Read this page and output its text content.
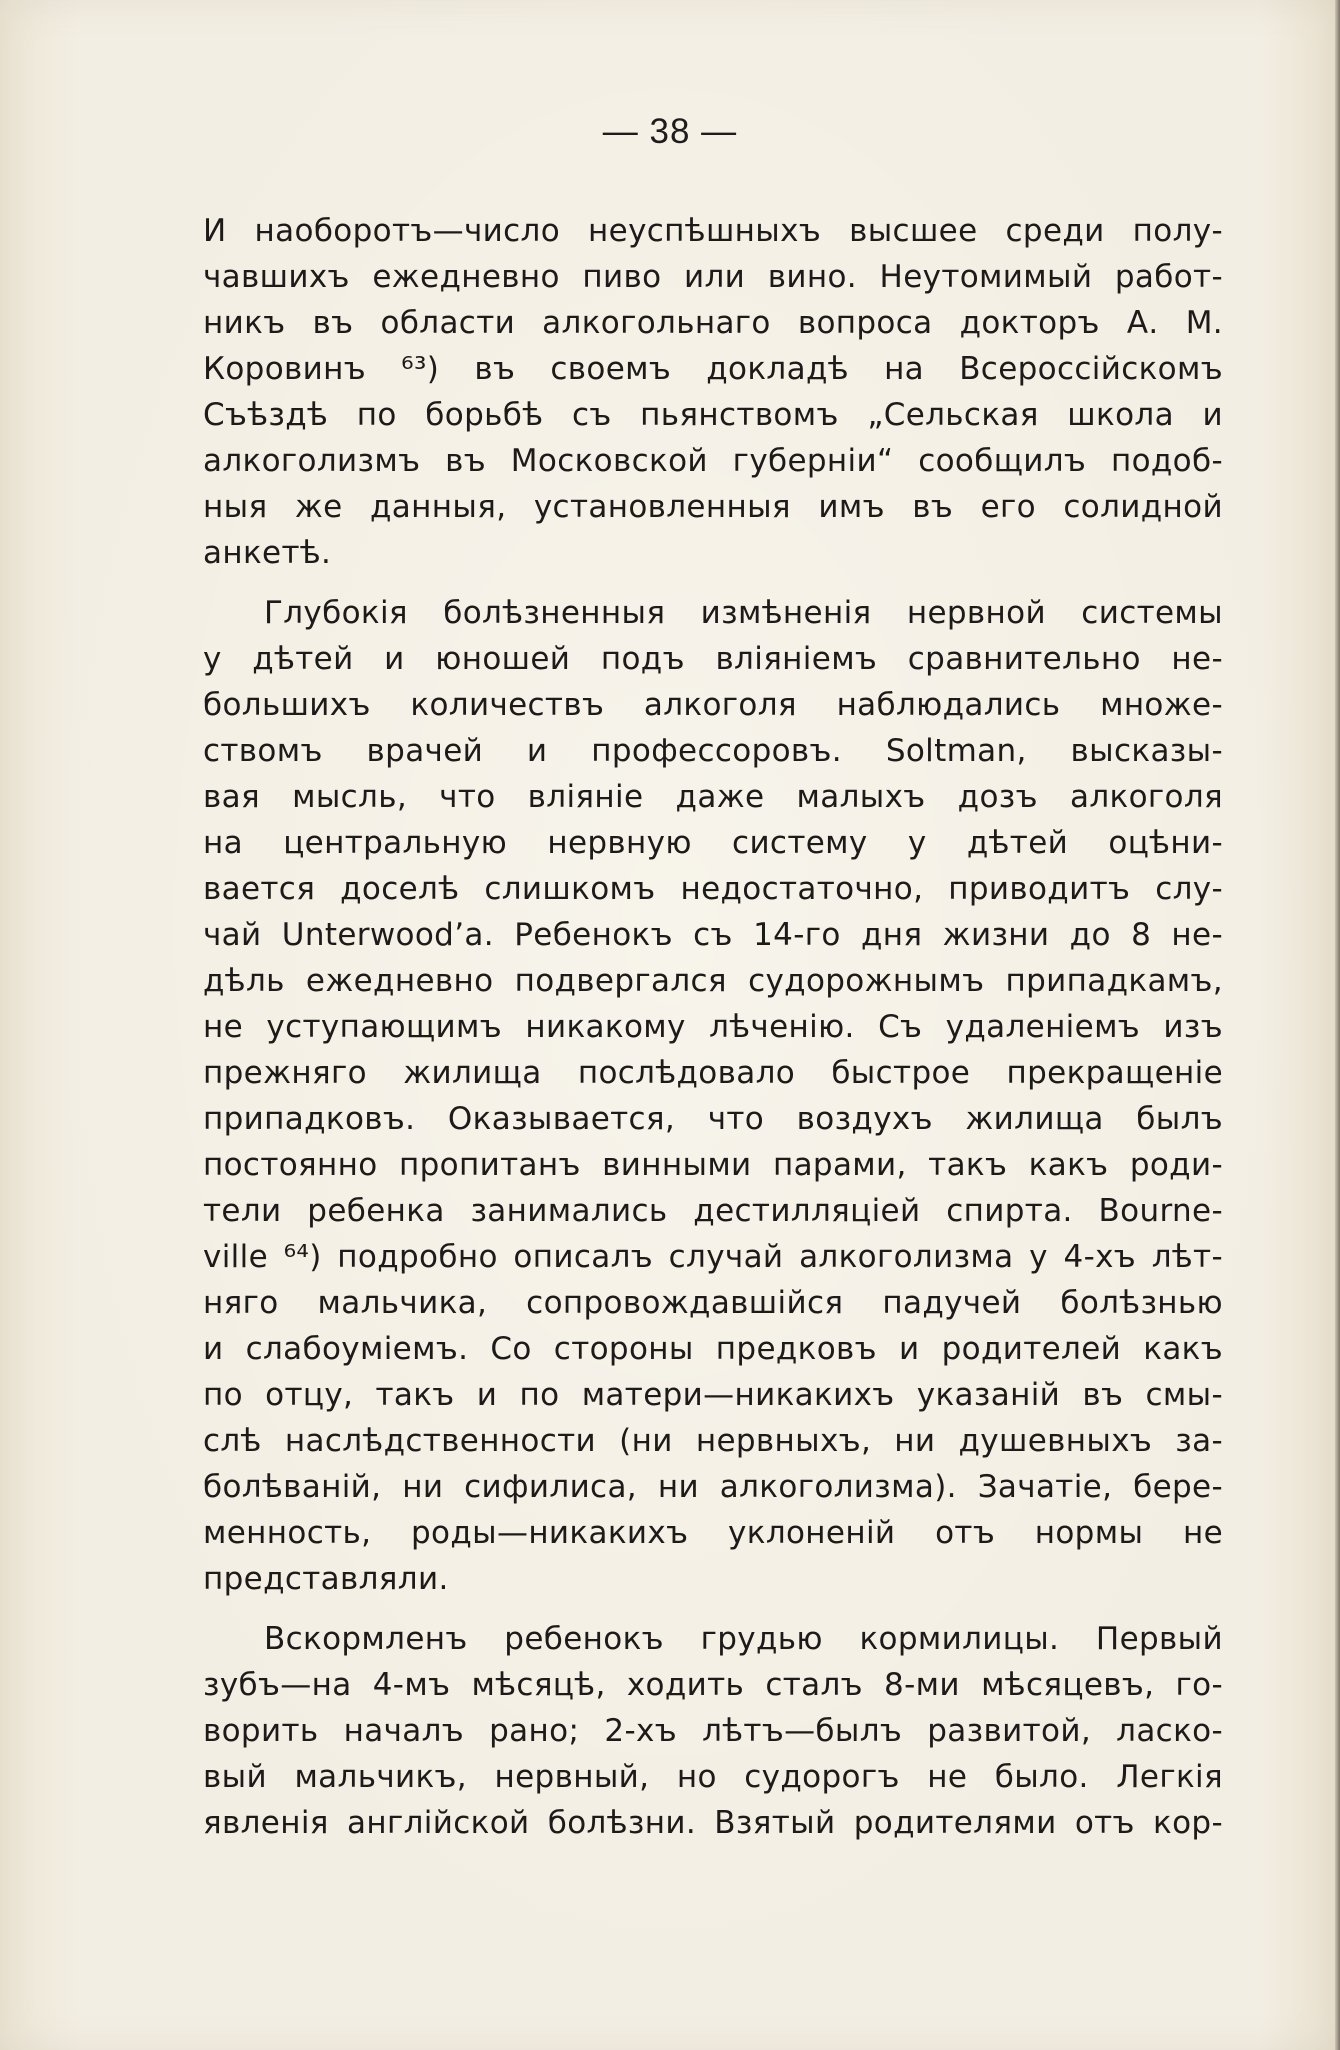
— 38 —
И наоборотъ—число неуспѣшныхъ высшее среди полу-
чавшихъ ежедневно пиво или вино. Неутомимый работ-
никъ въ области алкогольнаго вопроса докторъ А. М.
Коровинъ ⁶³) въ своемъ докладѣ на Всероссійскомъ
Съѣздѣ по борьбѣ съ пьянствомъ „Сельская школа и
алкоголизмъ въ Московской губерніи“ сообщилъ подоб-
ныя же данныя, установленныя имъ въ его солидной
анкетѣ.
Глубокія болѣзненныя измѣненія нервной системы
у дѣтей и юношей подъ вліяніемъ сравнительно не-
большихъ количествъ алкоголя наблюдались множе-
ствомъ врачей и профессоровъ. Soltman, высказы-
вая мысль, что вліяніе даже малыхъ дозъ алкоголя
на центральную нервную систему у дѣтей оцѣни-
вается доселѣ слишкомъ недостаточно, приводитъ слу-
чай Unterwood’a. Ребенокъ съ 14-го дня жизни до 8 не-
дѣль ежедневно подвергался судорожнымъ припадкамъ,
не уступающимъ никакому лѣченію. Съ удаленіемъ изъ
прежняго жилища послѣдовало быстрое прекращеніе
припадковъ. Оказывается, что воздухъ жилища былъ
постоянно пропитанъ винными парами, такъ какъ роди-
тели ребенка занимались дестилляціей спирта. Bourne-
ville ⁶⁴) подробно описалъ случай алкоголизма у 4-хъ лѣт-
няго мальчика, сопровождавшійся падучей болѣзнью
и слабоуміемъ. Со стороны предковъ и родителей какъ
по отцу, такъ и по матери—никакихъ указаній въ смы-
слѣ наслѣдственности (ни нервныхъ, ни душевныхъ за-
болѣваній, ни сифилиса, ни алкоголизма). Зачатіе, бере-
менность, роды—никакихъ уклоненій отъ нормы не
представляли.
Вскормленъ ребенокъ грудью кормилицы. Первый
зубъ—на 4-мъ мѣсяцѣ, ходить сталъ 8-ми мѣсяцевъ, го-
ворить началъ рано; 2-хъ лѣтъ—былъ развитой, ласко-
вый мальчикъ, нервный, но судорогъ не было. Легкія
явленія англійской болѣзни. Взятый родителями отъ кор-
